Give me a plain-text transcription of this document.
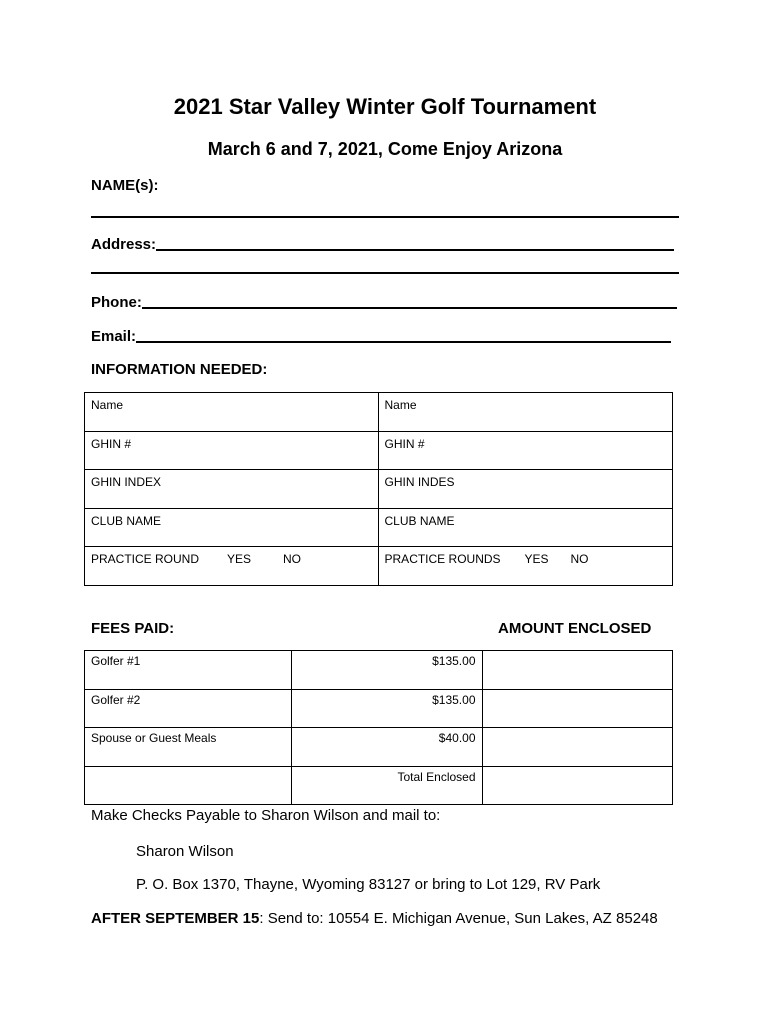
2021 Star Valley Winter Golf Tournament
March 6 and 7, 2021, Come Enjoy Arizona
NAME(s):
Address:
Phone:
Email:
INFORMATION NEEDED:
Name	Name
GHIN #	GHIN #
GHIN INDEX	GHIN INDES
CLUB NAME	CLUB NAME
PRACTICE ROUND YES NO	PRACTICE ROUNDS YES NO
FEES PAID:	AMOUNT ENCLOSED
Golfer #1	$135.00	
Golfer #2	$135.00	
Spouse or Guest Meals	$40.00	
	Total Enclosed	
Make Checks Payable to Sharon Wilson and mail to:
Sharon Wilson
P. O. Box 1370, Thayne, Wyoming 83127 or bring to Lot 129, RV Park
AFTER SEPTEMBER 15: Send to: 10554 E. Michigan Avenue, Sun Lakes, AZ 85248
